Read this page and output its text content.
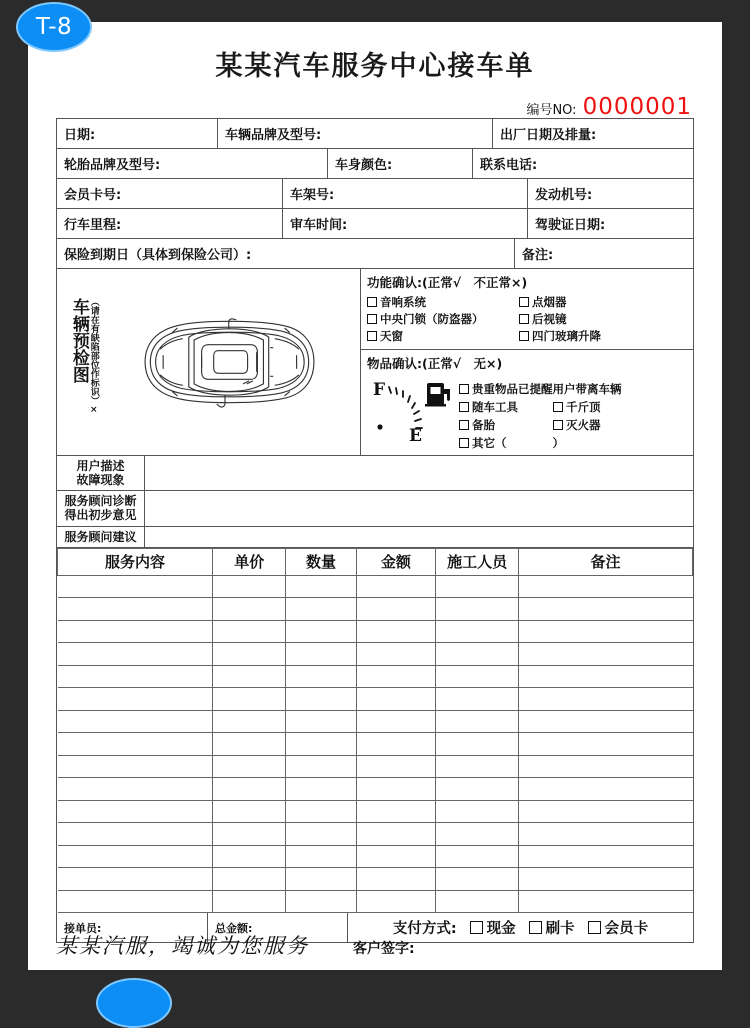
T-8
某某汽车服务中心接车单
编号NO: 0000001
日期:	车辆品牌及型号:	出厂日期及排量:
轮胎品牌及型号:	车身颜色:	联系电话:
会员卡号:	车架号:	发动机号:
行车里程:	审车时间:	驾驶证日期:
保险到期日（具体到保险公司）:	备注:
车辆预检图 （请在有缺陷部位作标识）×
功能确认:(正常√　不正常×)
音响系统
中央门锁（防盗器）
天窗
点烟器
后视镜
四门玻璃升降
物品确认:(正常√　无×)
F
E
贵重物品已提醒用户带离车辆
随车工具	千斤顶
备胎	灭火器
其它（　　　　）
用户描述
故障现象
服务顾问诊断
得出初步意见
服务顾问建议
服务内容	单价	数量	金额	施工人员	备注

接单员:	总金额:	支付方式: 现金 刷卡 会员卡
某某汽服，竭诚为您服务	客户签字:
